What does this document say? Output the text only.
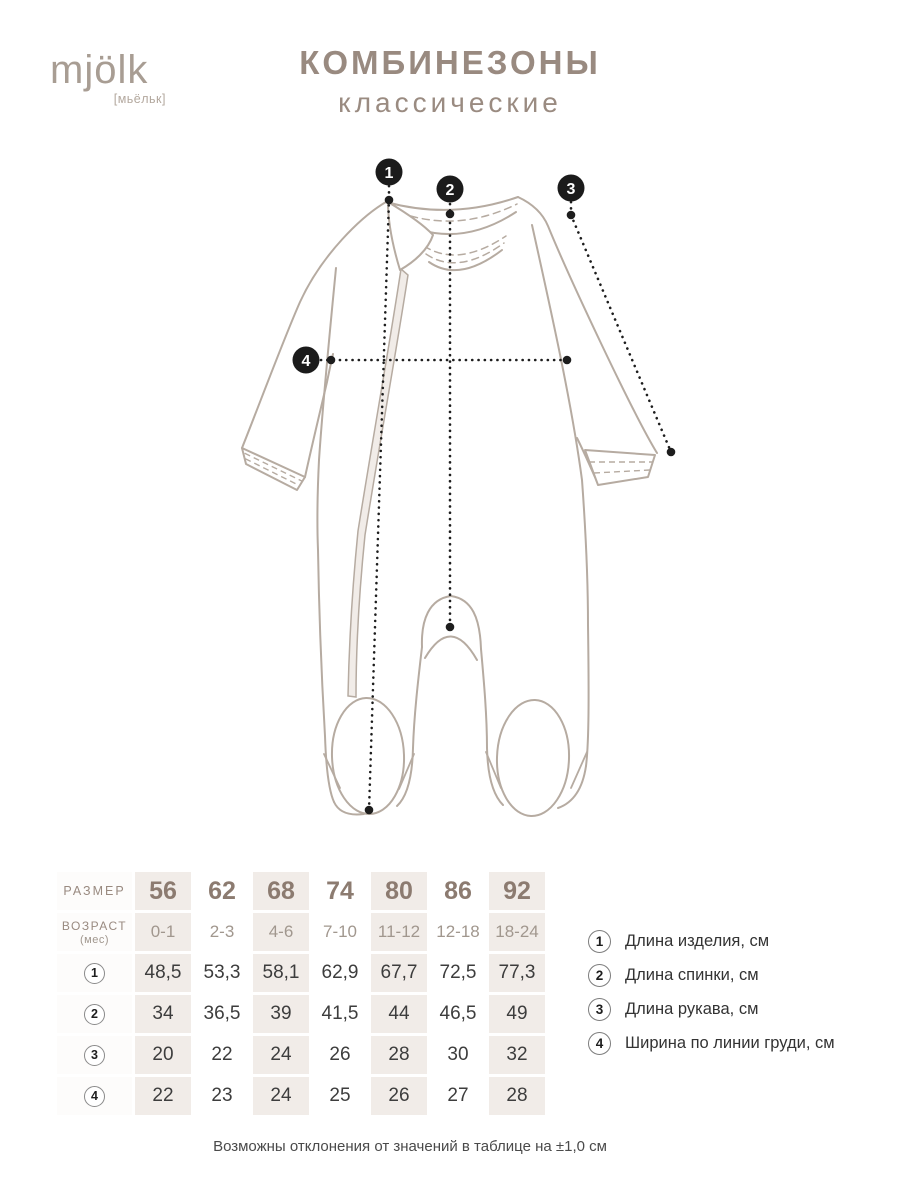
mjölk
[мьёльк]
КОМБИНЕЗОНЫ
классические
1
2	3
4
РАЗМЕР 56	62	68	74	80	86	92
ВОЗРАСТ
(мес)	0-1	2-3	4-6	7-10	11-12 12-18 18-24
1	48,5	53,3	58,1	62,9	67,7	72,5	77,3
2	34	36,5	39	41,5	44	46,5	49
3	20	22	24	26	28	30	32
4	22	23	24	25	26	27	28
1	Длина изделия, см
2	Длина спинки, см
3	Длина рукава, см
4	Ширина по линии груди, см
Возможны отклонения от значений в таблице на ±1,0 см
